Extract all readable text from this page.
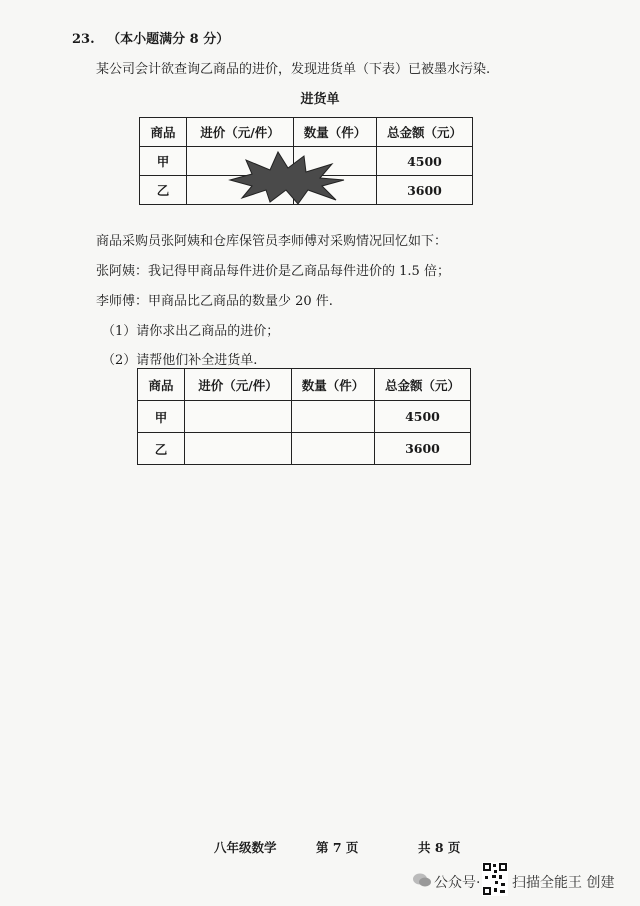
23. （本小题满分 8 分）
某公司会计欲查询乙商品的进价，发现进货单（下表）已被墨水污染.
进货单
商品	进价（元/件）	数量（件）	总金额（元）
甲			4500
乙			3600
商品采购员张阿姨和仓库保管员李师傅对采购情况回忆如下：
张阿姨：我记得甲商品每件进价是乙商品每件进价的 1.5 倍；
李师傅：甲商品比乙商品的数量少 20 件.
（1）请你求出乙商品的进价；
（2）请帮他们补全进货单.
商品	进价（元/件）	数量（件）	总金额（元）
甲			4500
乙			3600
八年级数学	第 7 页	共 8 页
公众号· 扫描全能王 创建
